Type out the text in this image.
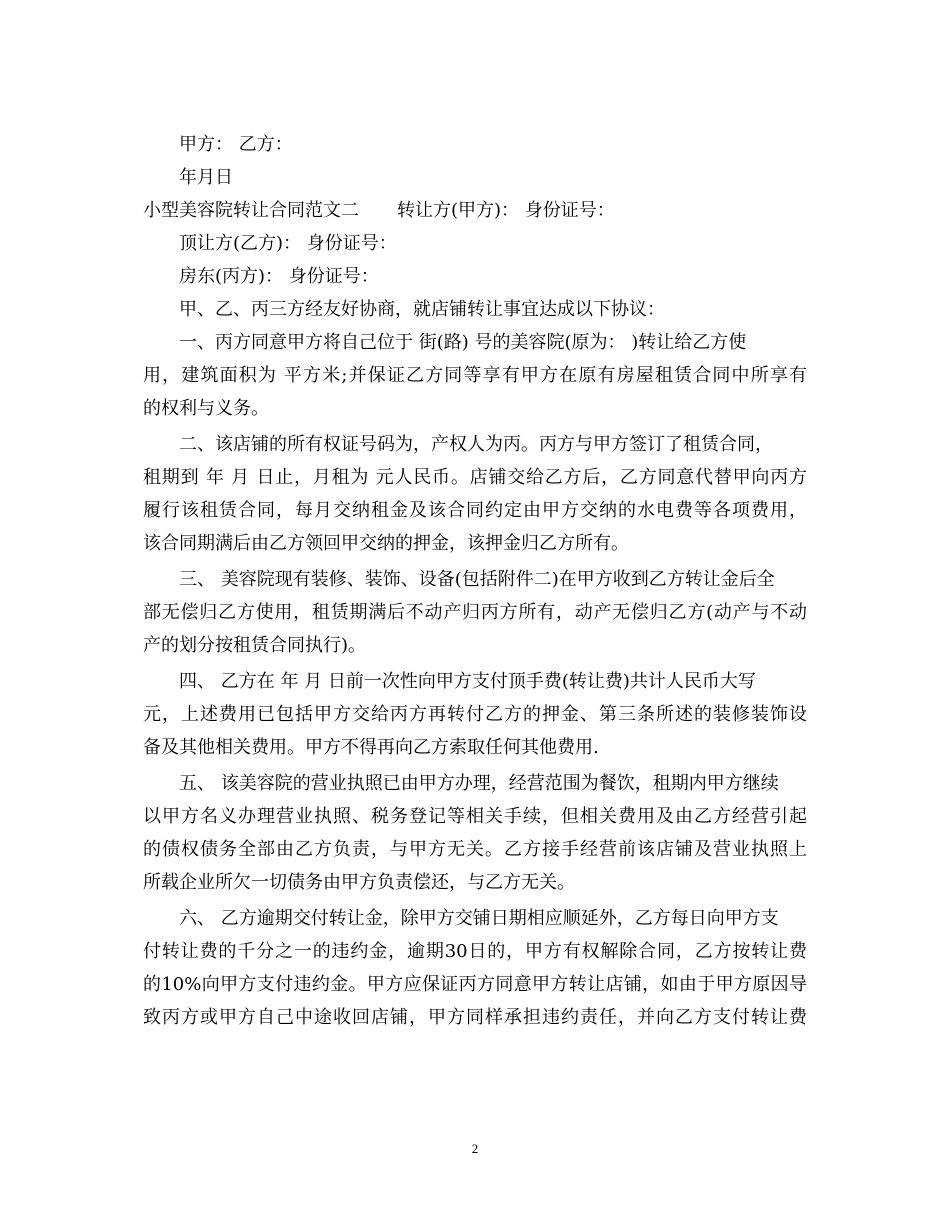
甲方： 乙方：
年月日
小型美容院转让合同范文二 转让方(甲方)： 身份证号：
顶让方(乙方)： 身份证号：
房东(丙方)： 身份证号：
甲、乙、丙三方经友好协商，就店铺转让事宜达成以下协议：
一、丙方同意甲方将自己位于 街(路) 号的美容院(原为： )转让给乙方使
用，建筑面积为 平方米;并保证乙方同等享有甲方在原有房屋租赁合同中所享有
的权利与义务。
二、该店铺的所有权证号码为，产权人为丙。丙方与甲方签订了租赁合同，
租期到 年 月 日止，月租为 元人民币。店铺交给乙方后，乙方同意代替甲向丙方
履行该租赁合同，每月交纳租金及该合同约定由甲方交纳的水电费等各项费用，
该合同期满后由乙方领回甲交纳的押金，该押金归乙方所有。
三、 美容院现有装修、装饰、设备(包括附件二)在甲方收到乙方转让金后全
部无偿归乙方使用，租赁期满后不动产归丙方所有，动产无偿归乙方(动产与不动
产的划分按租赁合同执行)。
四、 乙方在 年 月 日前一次性向甲方支付顶手费(转让费)共计人民币大写
元，上述费用已包括甲方交给丙方再转付乙方的押金、第三条所述的装修装饰设
备及其他相关费用。甲方不得再向乙方索取任何其他费用.
五、 该美容院的营业执照已由甲方办理，经营范围为餐饮，租期内甲方继续
以甲方名义办理营业执照、税务登记等相关手续，但相关费用及由乙方经营引起
的债权债务全部由乙方负责，与甲方无关。乙方接手经营前该店铺及营业执照上
所载企业所欠一切债务由甲方负责偿还，与乙方无关。
六、 乙方逾期交付转让金，除甲方交铺日期相应顺延外，乙方每日向甲方支
付转让费的千分之一的违约金，逾期30日的，甲方有权解除合同，乙方按转让费
的10%向甲方支付违约金。甲方应保证丙方同意甲方转让店铺，如由于甲方原因导
致丙方或甲方自己中途收回店铺，甲方同样承担违约责任，并向乙方支付转让费
2
